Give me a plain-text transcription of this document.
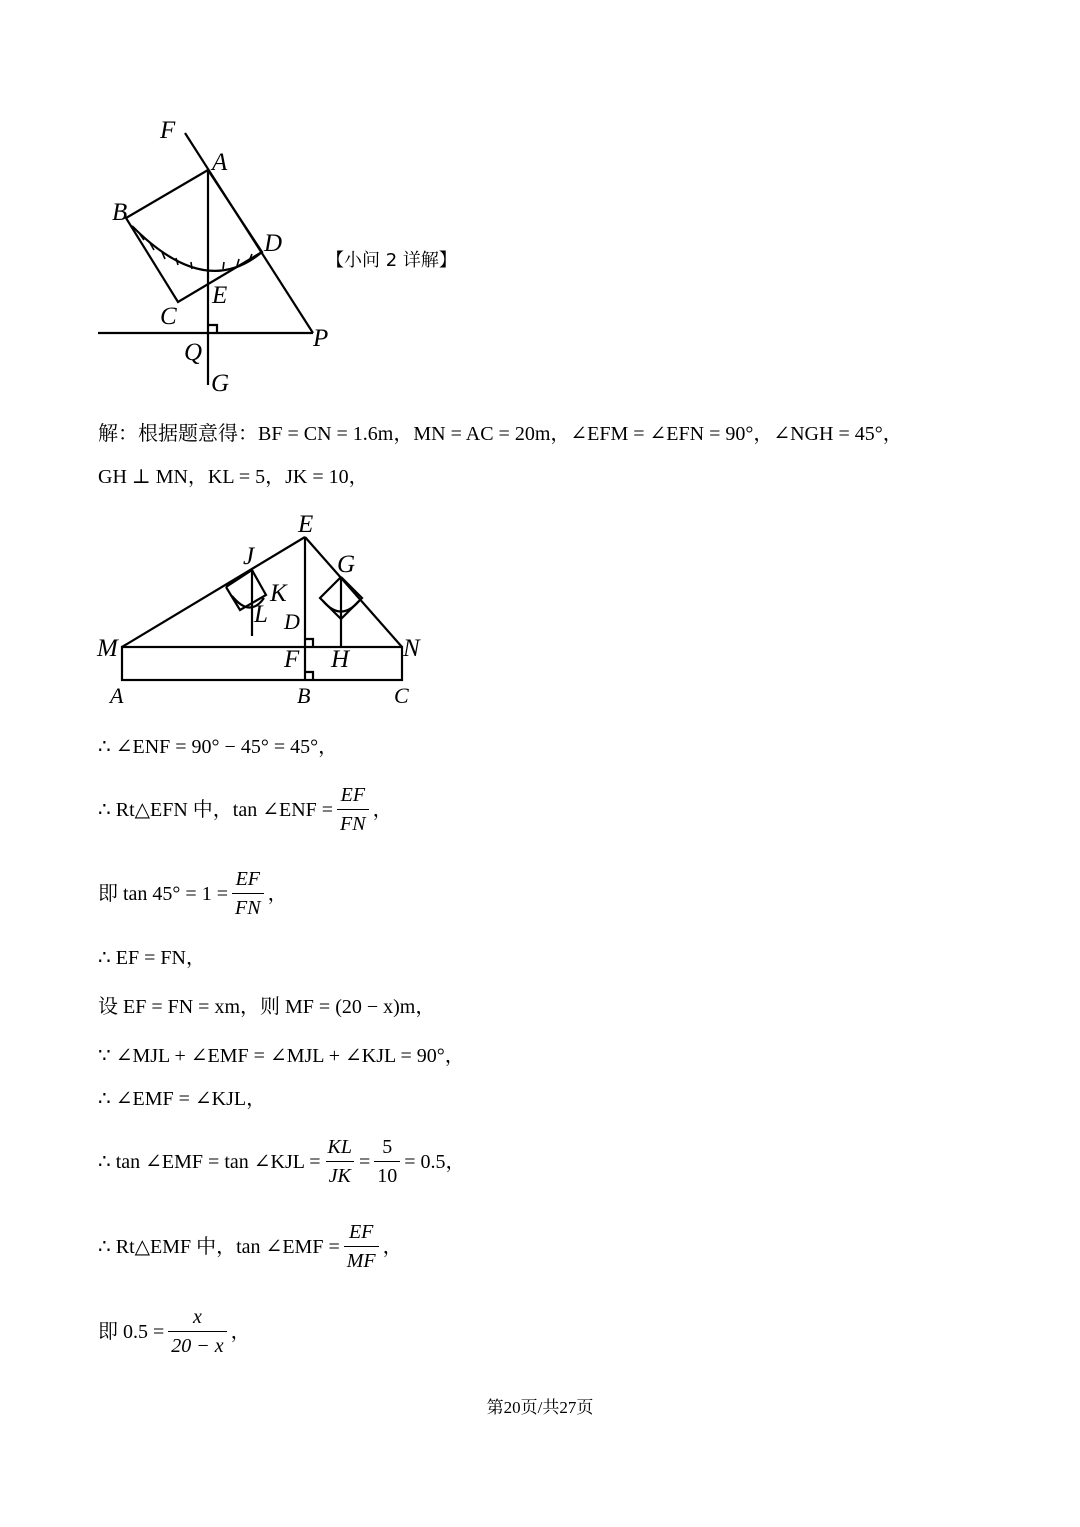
F
A
B
D
E
C
Q
P
G
【小问 2 详解】
解：根据题意得：BF = CN = 1.6m，MN = AC = 20m，∠EFM = ∠EFN = 90°，∠NGH = 45°，
GH ⊥ MN，KL = 5，JK = 10，
E
J	G
K
L D
M	F H N
A	B	C
∴ ∠ENF = 90° − 45° = 45°，
∴ Rt△EFN 中，tan ∠ENF = $\frac{EF}{FN}$ ，
即 $\tan 45^\circ = 1 = \frac{EF}{FN}$ ，
∴ EF = FN，
设 EF = FN = xm，则 MF = (20 − x)m，
∵ ∠MJL + ∠EMF = ∠MJL + ∠KJL = 90°，
∴ ∠EMF = ∠KJL，
∴ tan ∠EMF = tan ∠KJL = $\frac{KL}{JK} = \frac{5}{10} = 0.5$，
∴ Rt△EMF 中，tan ∠EMF = $\frac{EF}{MF}$ ，
即 $0.5 = \frac{x}{20 - x}$ ，
第20页/共27页
